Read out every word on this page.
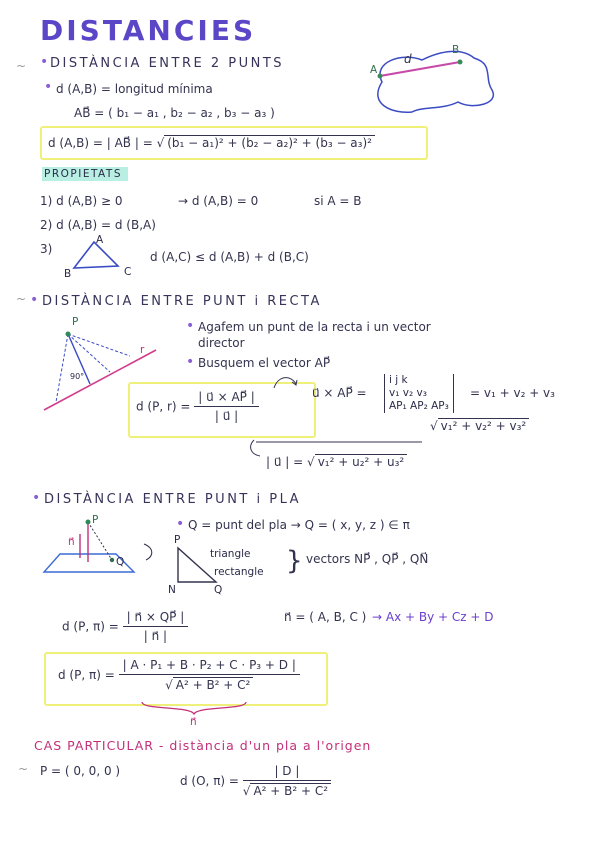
DISTANCIES
~ • DISTÀNCIA ENTRE 2 PUNTS
• d (A,B) = longitud mínima
AB⃗ = ( b₁ − a₁ , b₂ − a₂ , b₃ − a₃ )
d (A,B) = | AB⃗ | = √ (b₁ − a₁)² + (b₂ − a₂)² + (b₃ − a₃)²
A
B
d
PROPIETATS
1) d (A,B) ≥ 0	→ d (A,B) = 0	si A = B
2) d (A,B) = d (B,A)
3)
A
B	C
d (A,C) ≤ d (A,B) + d (B,C)
~ • DISTÀNCIA ENTRE PUNT i RECTA
P
r
90°
• Agafem un punt de la recta i un vector
director
• Busquem el vector AP⃗
d (P, $r) = \frac{| u⃗ \times AP⃗ |}{| u⃗ |}$	u⃗ × AP⃗ =
i j k
v₁ v₂ v₃
AP₁ AP₂ AP₃
= v₁ + v₂ + v₃
√ v₁² + v₂² + v₃²
| u⃗ | = √ v₁² + u₂² + u₃²
• DISTÀNCIA ENTRE PUNT i PLA
P
Q
n⃗
• Q = punt del pla → Q = ( x, y, z ) ∈ π
P
N	Q
triangle
rectangle } vectors NP⃗ , QP⃗ , QN⃗
d (P, $\pi) = \frac{| n⃗ \times QP⃗ |}{| n⃗ |}$	n⃗ = ( A, B, C ) → Ax + By + Cz + D
d (P, $\pi) = \frac{\text{| A · P₁ + B · P₂ + C · P₃ + D |}}{\text{√ A² + B² + C²}}$
n⃗
CAS PARTICULAR - distància d'un pla a l'origen
~ P = ( 0, 0, 0 )
d (O, $\pi) = \frac{| D |}{\text{√ A² + B² + C²}}$
